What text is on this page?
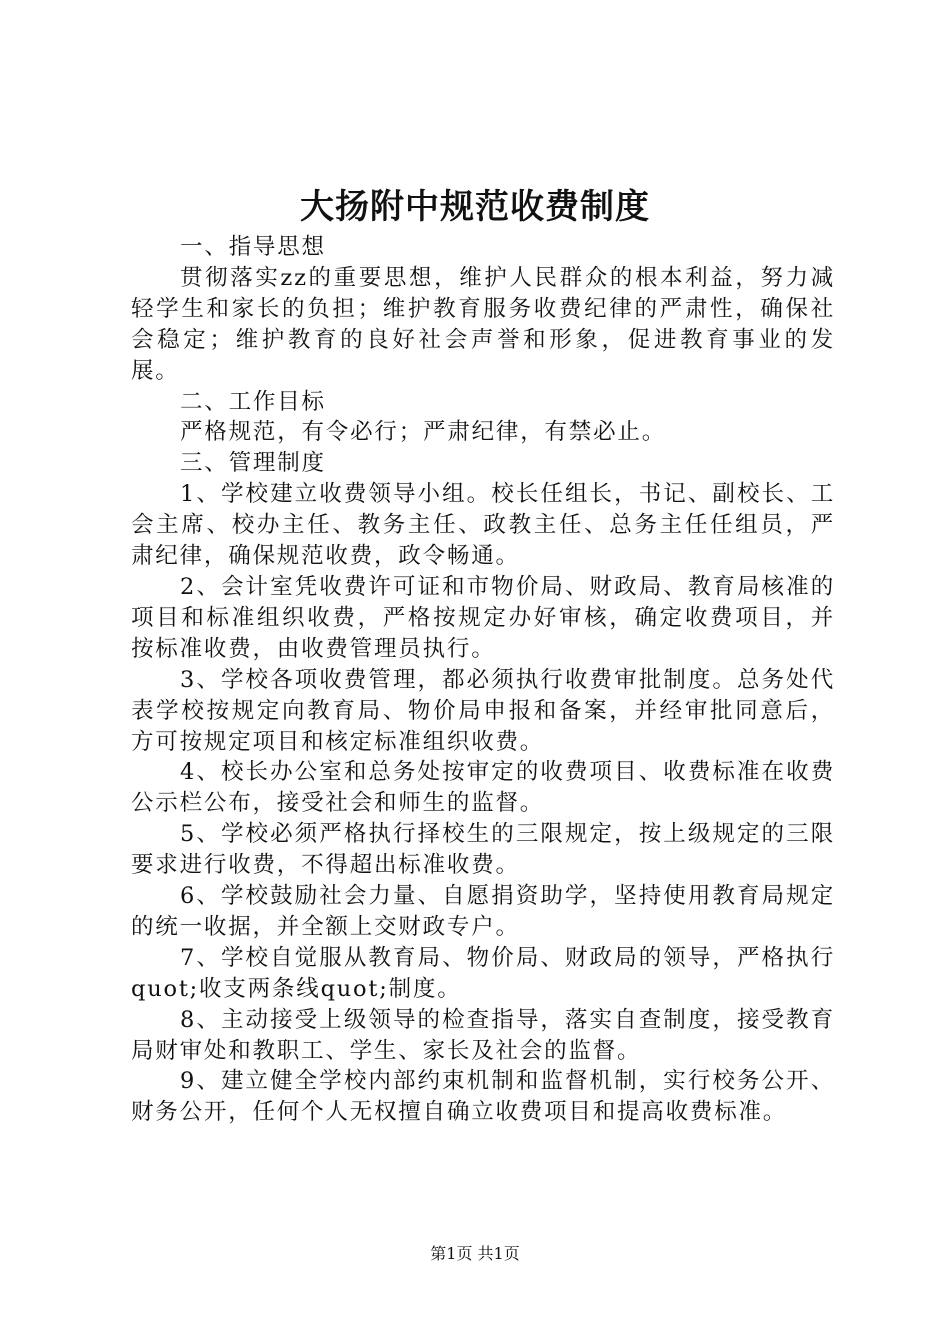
大扬附中规范收费制度

一、指导思想

贯彻落实zz的重要思想，维护人民群众的根本利益，努力减轻学生和家长的负担；维护教育服务收费纪律的严肃性，确保社会稳定；维护教育的良好社会声誉和形象，促进教育事业的发展。

二、工作目标

严格规范，有令必行；严肃纪律，有禁必止。

三、管理制度

1、学校建立收费领导小组。校长任组长，书记、副校长、工会主席、校办主任、教务主任、政教主任、总务主任任组员，严肃纪律，确保规范收费，政令畅通。

2、会计室凭收费许可证和市物价局、财政局、教育局核准的项目和标准组织收费，严格按规定办好审核，确定收费项目，并按标准收费，由收费管理员执行。

3、学校各项收费管理，都必须执行收费审批制度。总务处代表学校按规定向教育局、物价局申报和备案，并经审批同意后，方可按规定项目和核定标准组织收费。

4、校长办公室和总务处按审定的收费项目、收费标准在收费公示栏公布，接受社会和师生的监督。

5、学校必须严格执行择校生的三限规定，按上级规定的三限要求进行收费，不得超出标准收费。

6、学校鼓励社会力量、自愿捐资助学，坚持使用教育局规定的统一收据，并全额上交财政专户。

7、学校自觉服从教育局、物价局、财政局的领导，严格执行quot;收支两条线quot;制度。

8、主动接受上级领导的检查指导，落实自查制度，接受教育局财审处和教职工、学生、家长及社会的监督。

9、建立健全学校内部约束机制和监督机制，实行校务公开、财务公开，任何个人无权擅自确立收费项目和提高收费标准。

第1页 共1页
